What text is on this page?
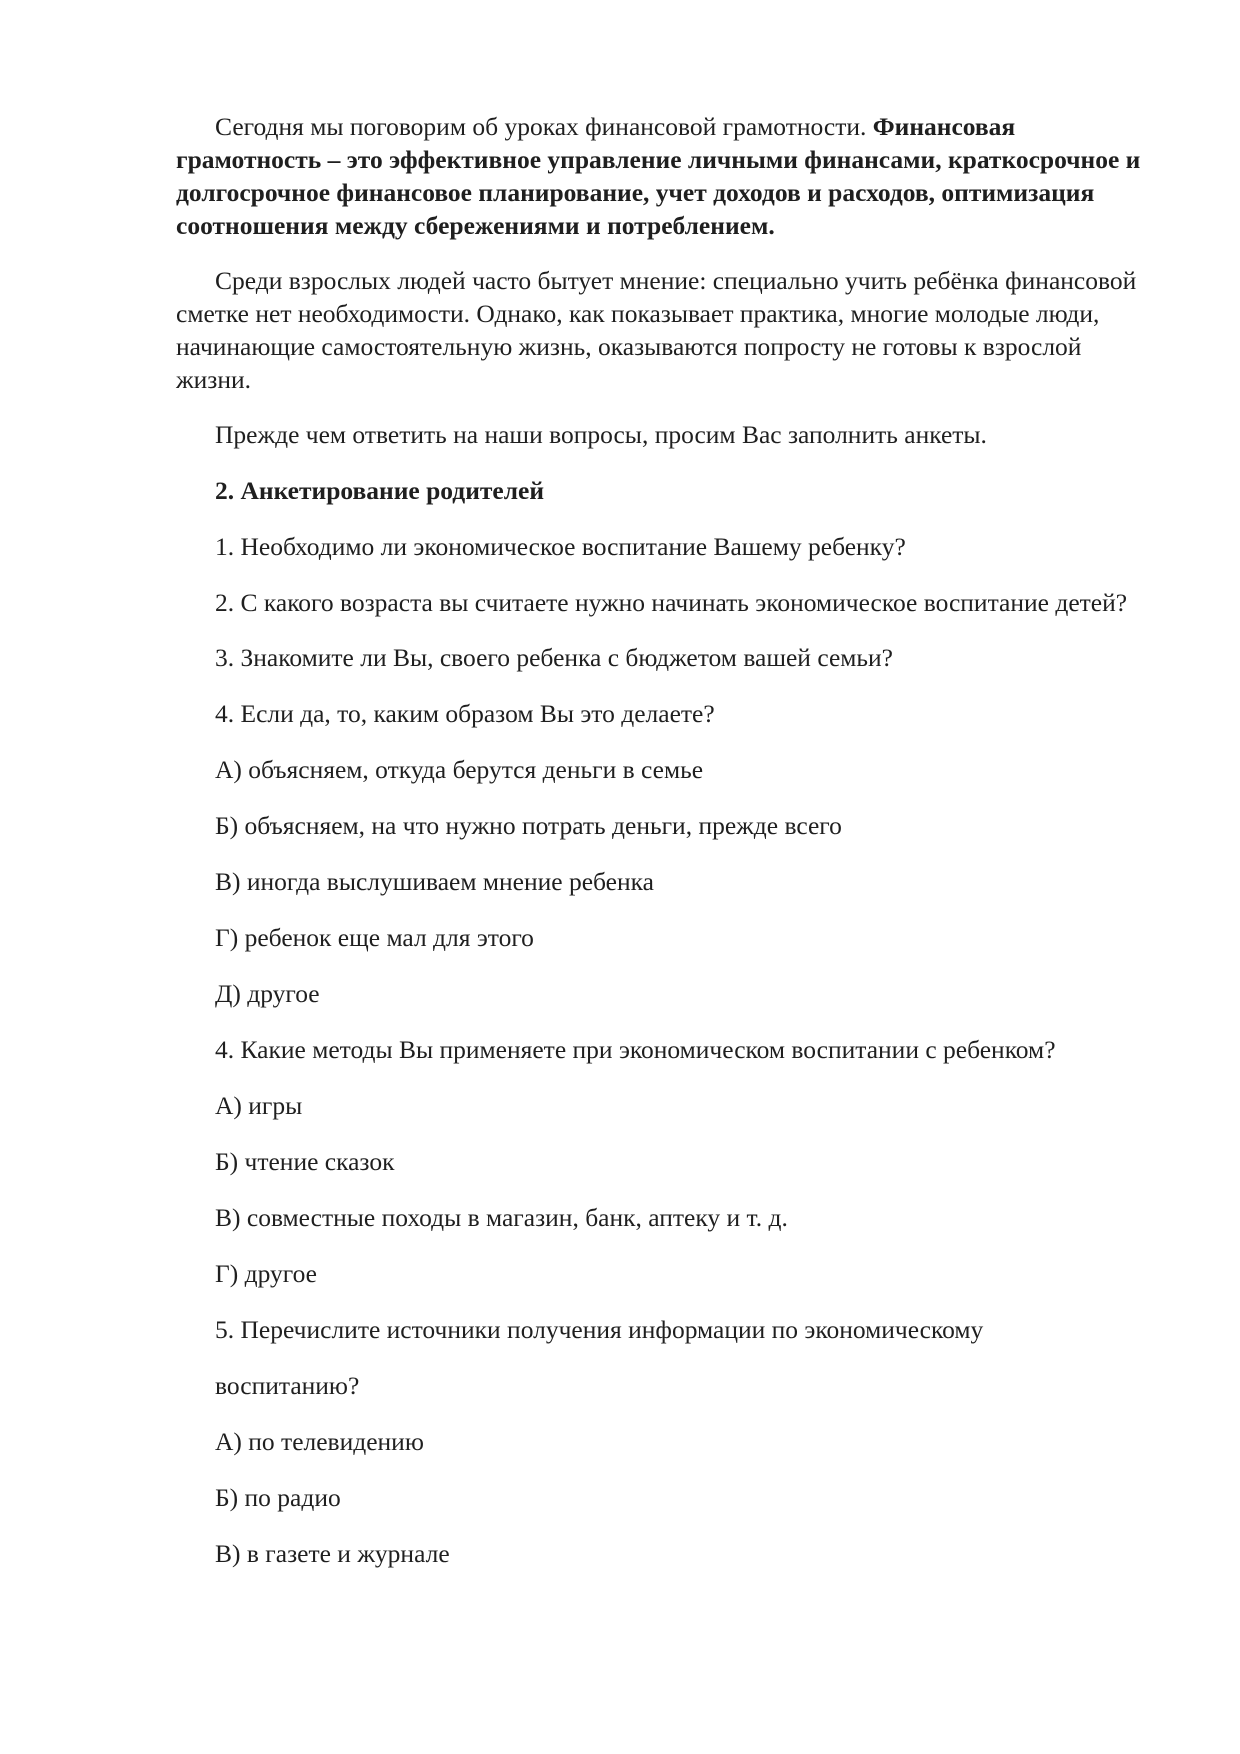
Сегодня мы поговорим об уроках финансовой грамотности. Финансовая грамотность – это эффективное управление личными финансами, краткосрочное и долгосрочное финансовое планирование, учет доходов и расходов, оптимизация соотношения между сбережениями и потреблением.

Среди взрослых людей часто бытует мнение: специально учить ребёнка финансовой сметке нет необходимости. Однако, как показывает практика, многие молодые люди, начинающие самостоятельную жизнь, оказываются попросту не готовы к взрослой жизни.

Прежде чем ответить на наши вопросы, просим Вас заполнить анкеты.

2. Анкетирование родителей

1. Необходимо ли экономическое воспитание Вашему ребенку?

2. С какого возраста вы считаете нужно начинать экономическое воспитание детей?

3. Знакомите ли Вы, своего ребенка с бюджетом вашей семьи?

4. Если да, то, каким образом Вы это делаете?

А) объясняем, откуда берутся деньги в семье

Б) объясняем, на что нужно потрать деньги, прежде всего

В) иногда выслушиваем мнение ребенка

Г) ребенок еще мал для этого

Д) другое

4. Какие методы Вы применяете при экономическом воспитании с ребенком?

А) игры

Б) чтение сказок

В) совместные походы в магазин, банк, аптеку и т. д.

Г) другое

5. Перечислите источники получения информации по экономическому

воспитанию?

А) по телевидению

Б) по радио

В) в газете и журнале
